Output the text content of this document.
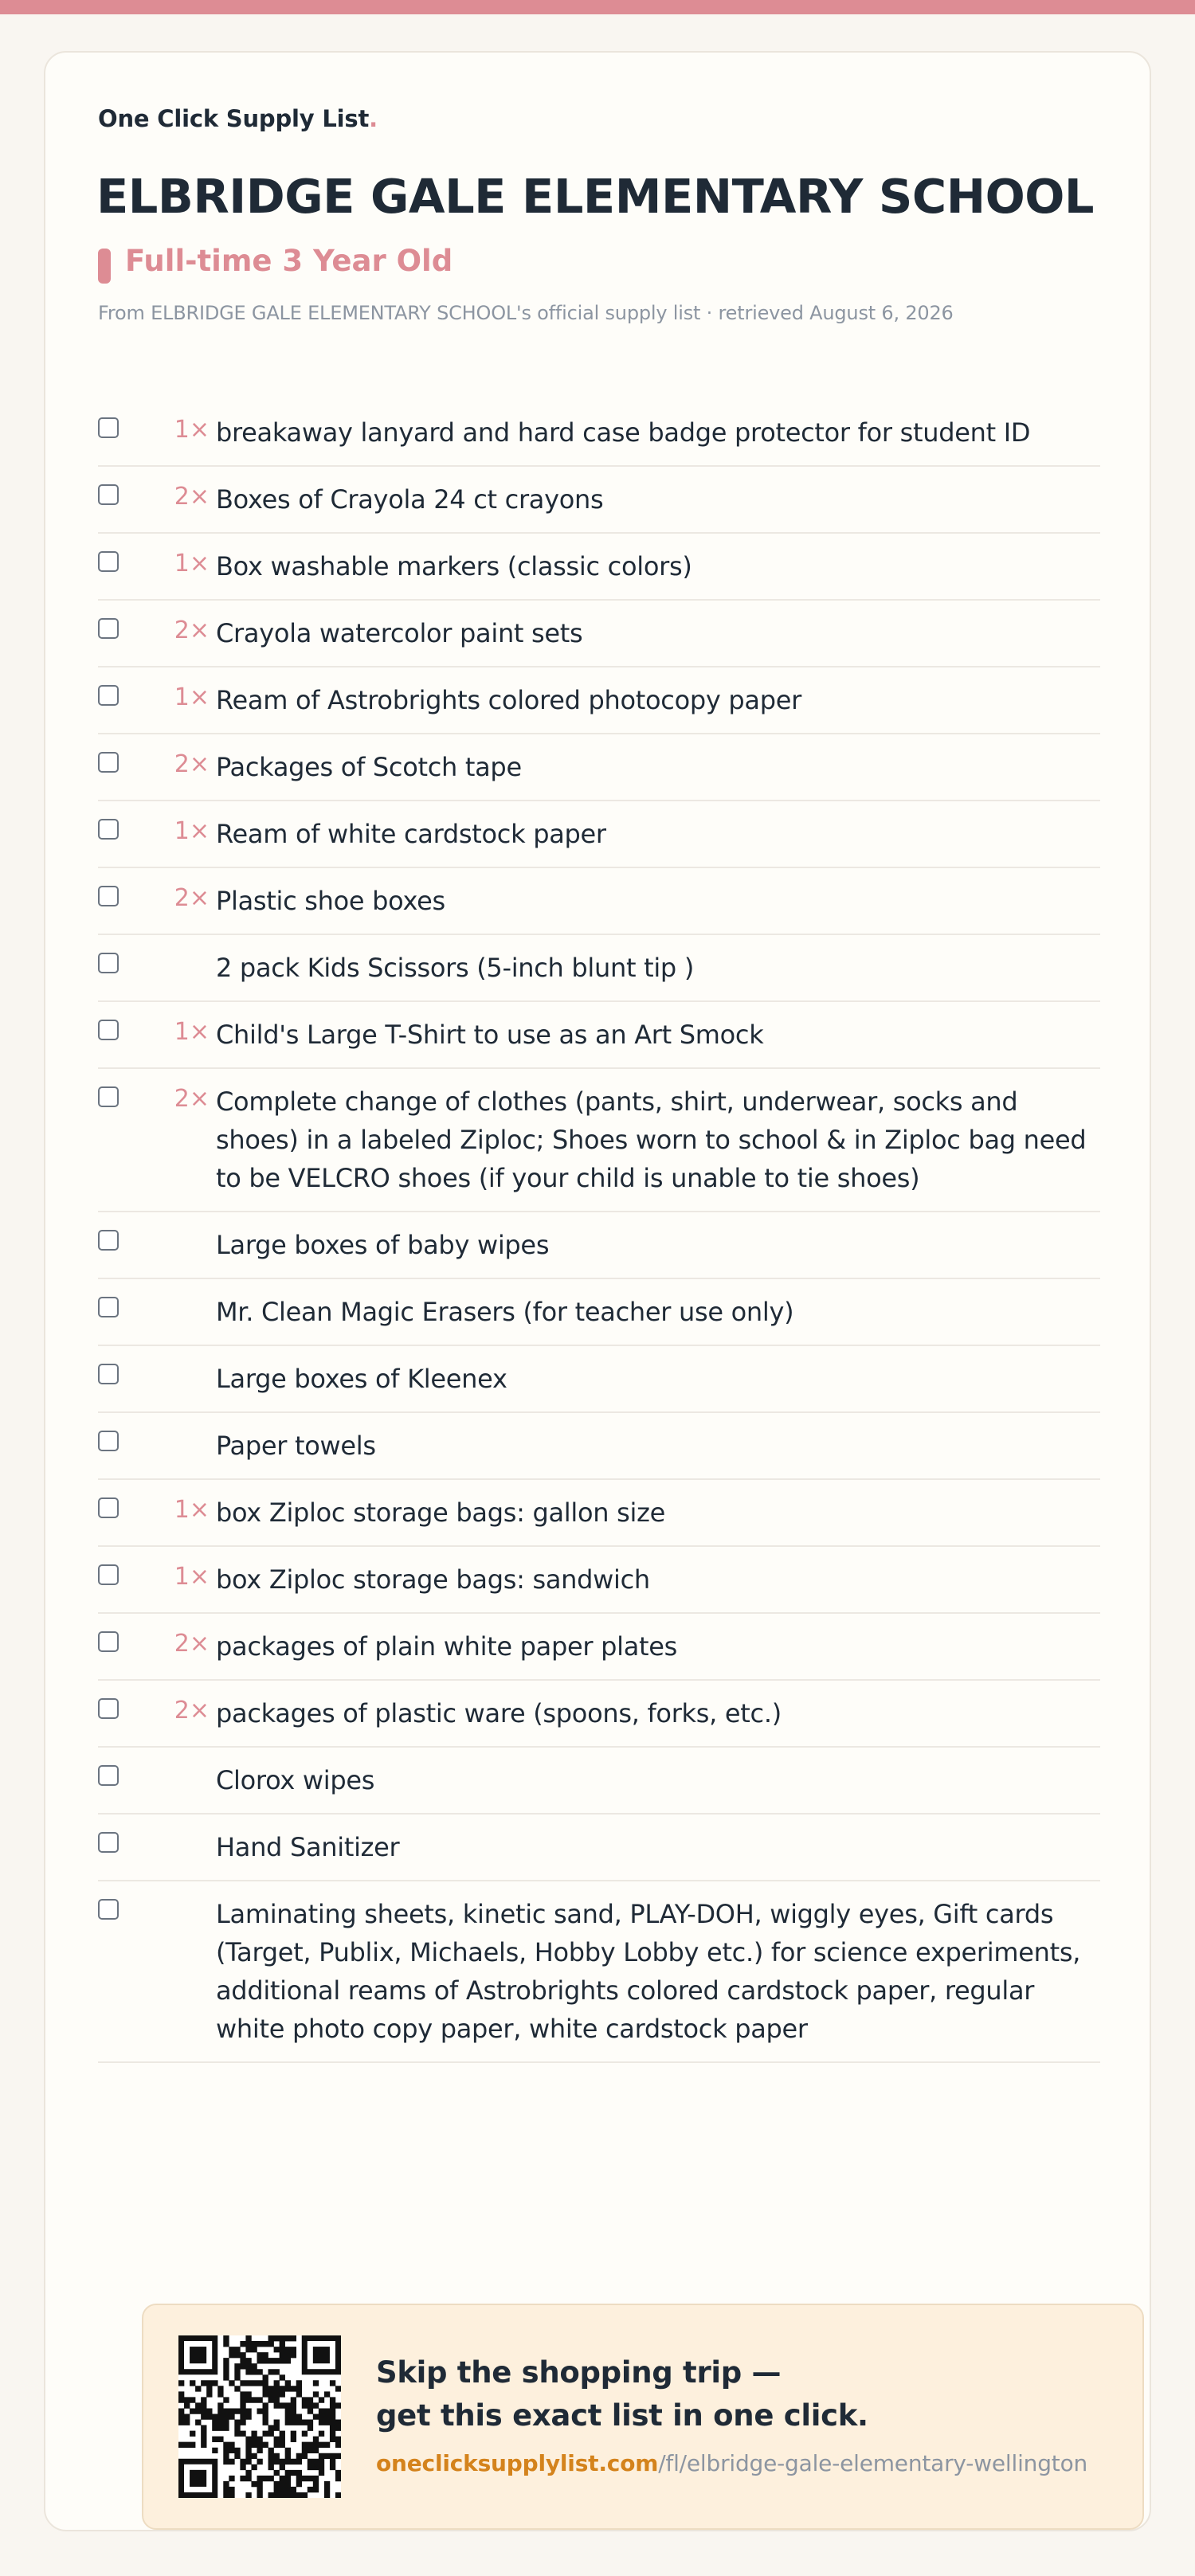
One Click Supply List.
ELBRIDGE GALE ELEMENTARY SCHOOL
Full-time 3 Year Old
From ELBRIDGE GALE ELEMENTARY SCHOOL's official supply list · retrieved August 6, 2026
1× breakaway lanyard and hard case badge protector for student ID
2× Boxes of Crayola 24 ct crayons
1× Box washable markers (classic colors)
2× Crayola watercolor paint sets
1× Ream of Astrobrights colored photocopy paper
2× Packages of Scotch tape
1× Ream of white cardstock paper
2× Plastic shoe boxes
2 pack Kids Scissors (5-inch blunt tip )
1× Child's Large T-Shirt to use as an Art Smock
2× Complete change of clothes (pants, shirt, underwear, socks and shoes) in a labeled Ziploc; Shoes worn to school & in Ziploc bag need to be VELCRO shoes (if your child is unable to tie shoes)
Large boxes of baby wipes
Mr. Clean Magic Erasers (for teacher use only)
Large boxes of Kleenex
Paper towels
1× box Ziploc storage bags: gallon size
1× box Ziploc storage bags: sandwich
2× packages of plain white paper plates
2× packages of plastic ware (spoons, forks, etc.)
Clorox wipes
Hand Sanitizer
Laminating sheets, kinetic sand, PLAY-DOH, wiggly eyes, Gift cards (Target, Publix, Michaels, Hobby Lobby etc.) for science experiments, additional reams of Astrobrights colored cardstock paper, regular white photo copy paper, white cardstock paper
Skip the shopping trip —
get this exact list in one click.
oneclicksupplylist.com/fl/elbridge-gale-elementary-wellington
